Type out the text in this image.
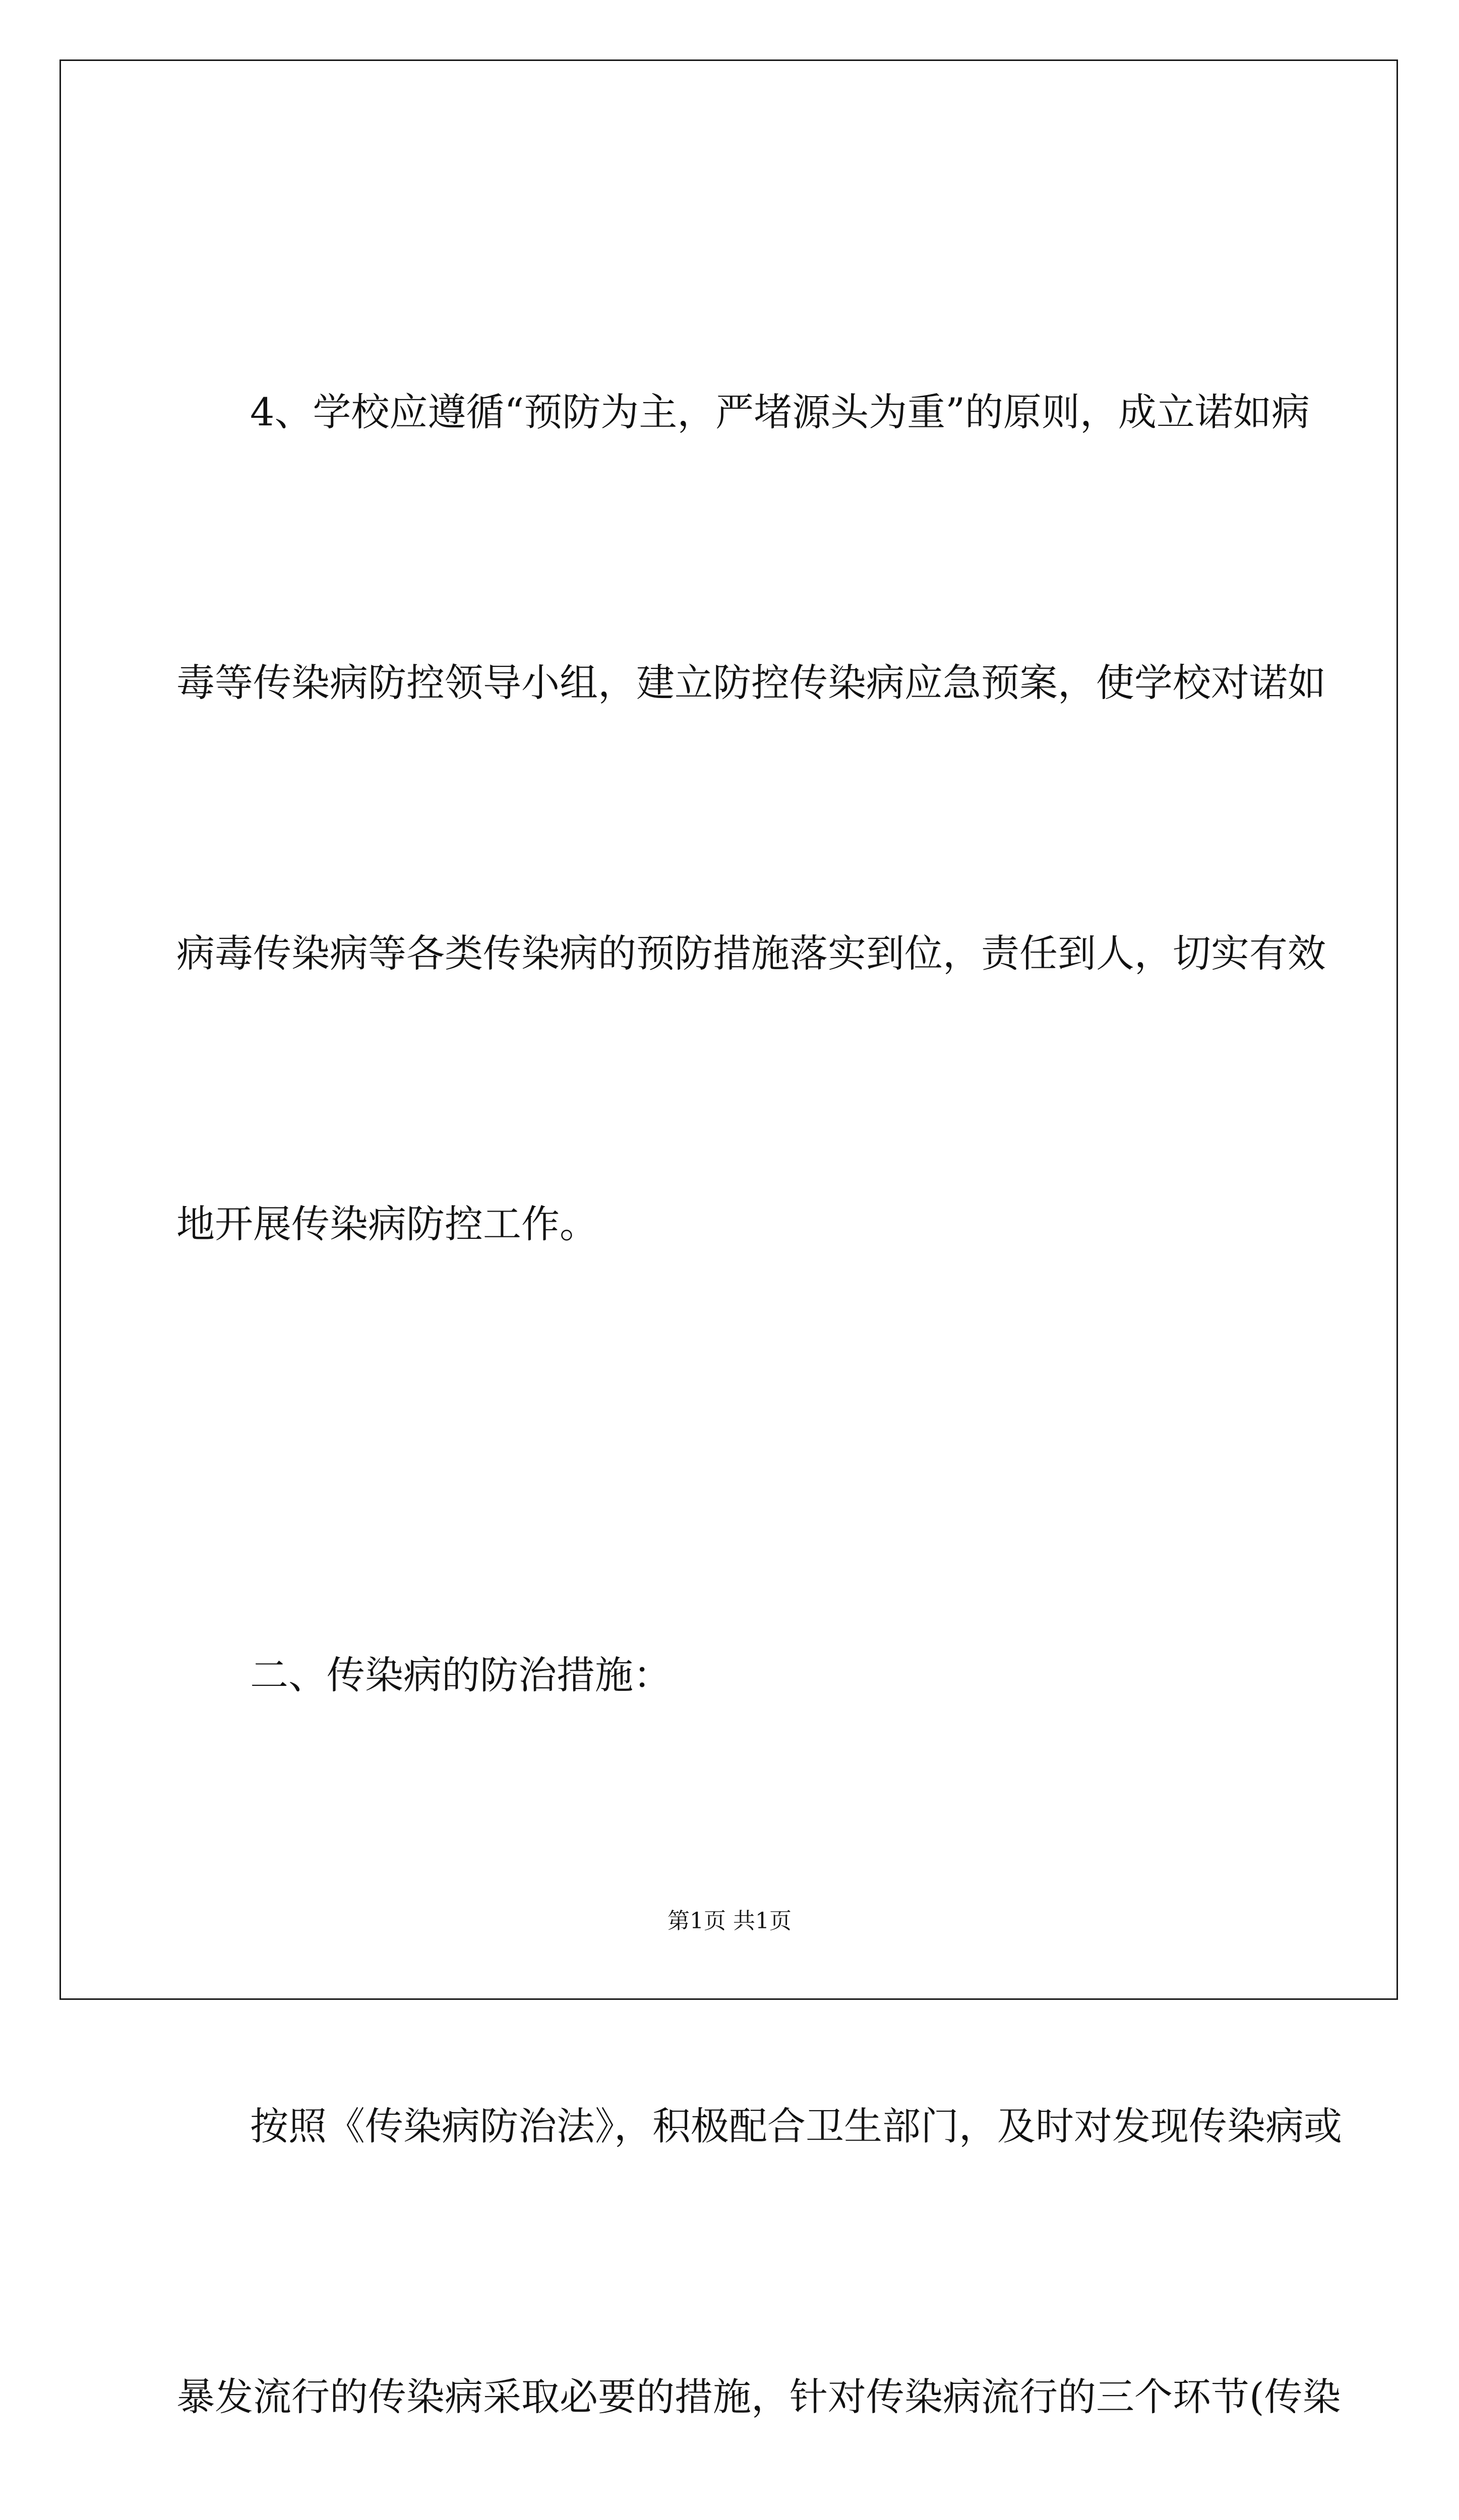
4、学校应遵循“预防为主，严堵源头为重”的原则，成立诺如病

毒等传染病防控领导小组，建立防控传染病应急预案，使学校对诺如

病毒传染病等各类传染病的预防措施落实到位，责任到人，切实有效

地开展传染病防控工作。

二、传染病的防治措施：

按照《传染病防治法》，积极配合卫生部门，及时对发现传染病或

暴发流行的传染病采取必要的措施，针对传染病流行的三个环节(传染

第1页 共1页
